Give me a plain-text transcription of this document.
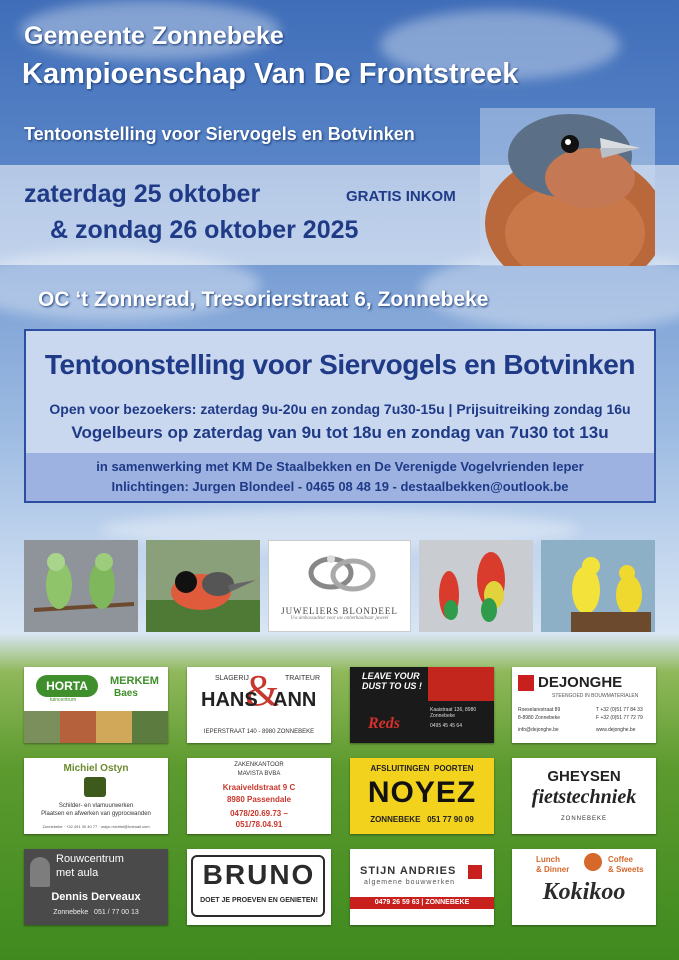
Gemeente Zonnebeke
Kampioenschap Van De Frontstreek
Tentoonstelling voor Siervogels en Botvinken
zaterdag 25 oktober
& zondag 26 oktober 2025
GRATIS INKOM
OC ‘t Zonnerad, Tresorierstraat 6, Zonnebeke
Tentoonstelling voor Siervogels en Botvinken
Open voor bezoekers: zaterdag 9u-20u en zondag 7u30-15u | Prijsuitreiking zondag 16u
Vogelbeurs op zaterdag van 9u tot 18u en zondag van 7u30 tot 13u
in samenwerking met KM De Staalbekken en De Verenigde Vogelvrienden Ieper
Inlichtingen: Jurgen Blondeel - 0465 08 48 19 - destaalbekken@outlook.be
JUWELIERS BLONDEEL
Uw ambassadeur voor uw onherhaalbaar juweel
HORTA
tuincentrum
MERKEM
Baes
SLAGERIJ	TRAITEUR
&
HANS ANN
IEPERSTRAAT 140 - 8980 ZONNEBEKE
LEAVE YOUR DUST TO US !
Reds
Kaaistraat 136, 8980 Zonnebeke
0495 45 45 64
DEJONGHE
STEENGOED IN BOUWMATERIALEN
Roeselarestraat 89
8-8980 Zonnebeke
info@dejonghe.be
T +32 (0)51 77 84 33
F +32 (0)51 77 72 79
www.dejonghe.be
Michiel Ostyn
Schilder- en vlamuurwerken
Plaatsen en afwerken van gyprocwanden
Zonnebeke · +32 491 30 40 77 · ostyn.michiel@hotmail.com
ZAKENKANTOOR
MAVISTA BVBA
Kraaiveldstraat 9 C
8980 Passendale
0478/20.69.73 –
051/78.04.91
AFSLUITINGEN  POORTEN
NOYEZ
ZONNEBEKE   051 77 90 09
GHEYSEN
fietstechniek
ZONNEBEKE
Rouwcentrum
met aula
Dennis Derveaux
Zonnebeke   051 / 77 00 13
BRUNO
DOET JE PROEVEN EN GENIETEN!
STIJN ANDRIES
algemene bouwwerken
0479 26 59 63 | ZONNEBEKE
Lunch
& Dinner
Coffee
& Sweets
Kokikoo
